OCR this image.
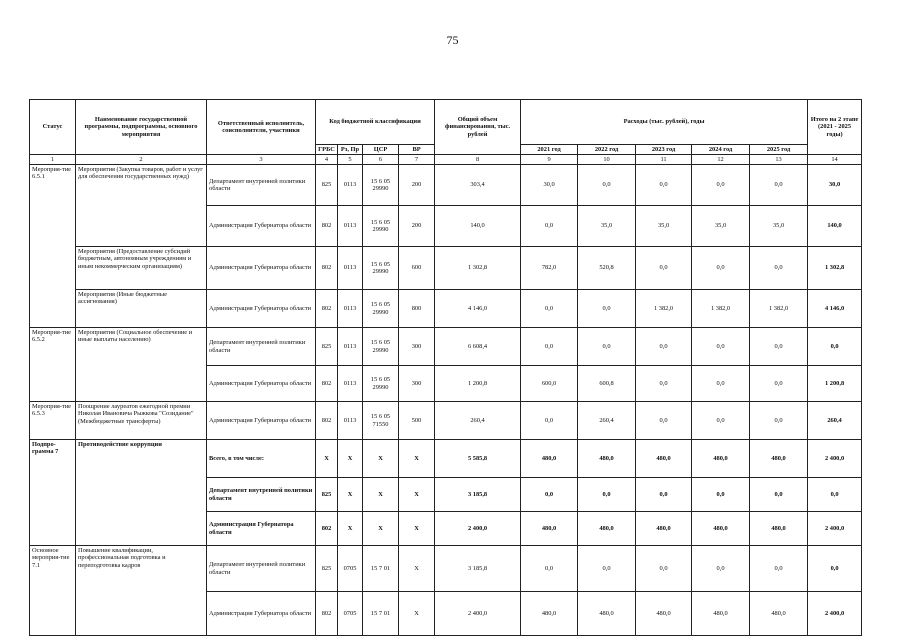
75
Статус	Наименование государственной программы, подпрограммы, основного мероприятия	Ответственный исполнитель, соисполнители, участники	Код бюджетной классификации				Общий объем финансирования, тыс. рублей	Расходы (тыс. рублей), годы					Итого на 2 этапе (2021 - 2025 годы)
			ГРБС	Рз, Пр	ЦСР	ВР		2021 год	2022 год	2023 год	2024 год	2025 год	
1	2	3	4	5	6	7	8	9	10	11	12	13	14
Мероприя-тие 6.5.1	Мероприятия (Закупка товаров, работ и услуг для обеспечения государственных нужд)	Департамент внутренней политики области	825	0113	15 6 05 29990	200	303,4	30,0	0,0	0,0	0,0	0,0	30,0
		Администрация Губернатора области	802	0113	15 6 05 29990	200	140,0	0,0	35,0	35,0	35,0	35,0	140,0
	Мероприятия (Предоставление субсидий бюджетным, автономным учреждениям и иным некоммерческим организациям)	Администрация Губернатора области	802	0113	15 6 05 29990	600	1 302,8	782,0	520,8	0,0	0,0	0,0	1 302,8
	Мероприятия (Иные бюджетные ассигнования)	Администрация Губернатора области	802	0113	15 6 05 29990	800	4 146,0	0,0	0,0	1 382,0	1 382,0	1 382,0	4 146,0
Мероприя-тие 6.5.2	Мероприятия (Социальное обеспечение и иные выплаты населению)	Департамент внутренней политики области	825	0113	15 6 05 29990	300	6 608,4	0,0	0,0	0,0	0,0	0,0	0,0
		Администрация Губернатора области	802	0113	15 6 05 29990	300	1 200,8	600,0	600,8	0,0	0,0	0,0	1 200,8
Мероприя-тие 6.5.3	Поощрение лауреатов ежегодной премии Николая Ивановича Рыжкова "Созидание" (Межбюджетные трансферты)	Администрация Губернатора области	802	0113	15 6 05 71550	500	260,4	0,0	260,4	0,0	0,0	0,0	260,4
Подпро-грамма 7	Противодействие коррупции	Всего, в том числе:	X	X	X	X	5 585,8	480,0	480,0	480,0	480,0	480,0	2 400,0
		Департамент внутренней политики области	825	X	X	X	3 185,8	0,0	0,0	0,0	0,0	0,0	0,0
		Администрация Губернатора области	802	X	X	X	2 400,0	480,0	480,0	480,0	480,0	480,0	2 400,0
Основное мероприя-тие 7.1	Повышение квалификации, профессиональная подготовка и переподготовка кадров	Департамент внутренней политики области	825	0705	15 7 01	X	3 185,8	0,0	0,0	0,0	0,0	0,0	0,0
		Администрация Губернатора области	802	0705	15 7 01	X	2 400,0	480,0	480,0	480,0	480,0	480,0	2 400,0
